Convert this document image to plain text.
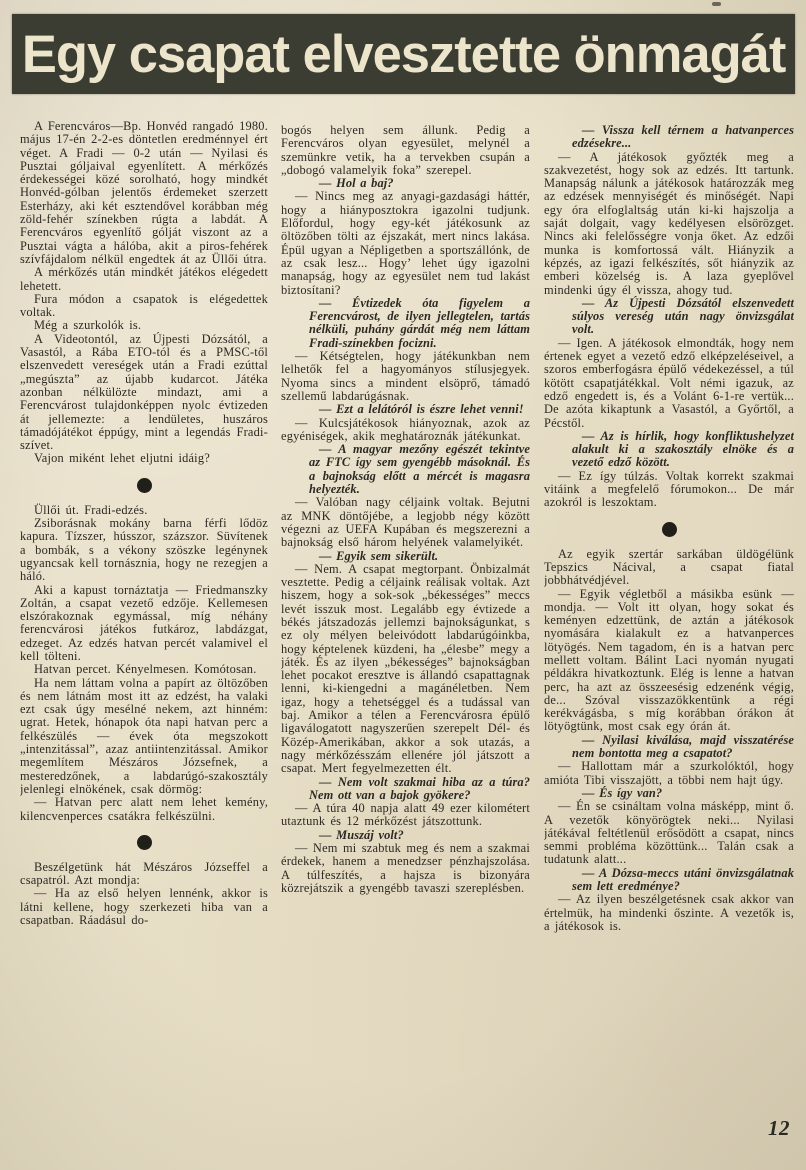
Egy csapat elvesztette önmagát

A Ferencváros—Bp. Honvéd rangadó 1980. május 17-én 2-2-es döntetlen eredménnyel ért véget. A Fradi — 0-2 után — Nyilasi és Pusztai góljaival egyenlített. A mérkőzés érdekességei közé sorolható, hogy mindkét Honvéd-gólban jelentős érdemeket szerzett Esterházy, aki két esztendővel korábban még zöld-fehér színekben rúgta a labdát. A Ferencváros egyenlítő gólját viszont az a Pusztai vágta a hálóba, akit a piros-fehérek szívfájdalom nélkül engedtek át az Üllői útra.

A mérkőzés után mindkét játékos elégedett lehetett.

Fura módon a csapatok is elégedettek voltak.

Még a szurkolók is.

A Videotontól, az Újpesti Dózsától, a Vasastól, a Rába ETO-tól és a PMSC-től elszenvedett vereségek után a Fradi ezúttal „megúszta” az újabb kudarcot. Játéka azonban nélkülözte mindazt, ami a Ferencvárost tulajdonképpen nyolc évtizeden át jellemezte: a lendületes, huszáros támadójátékot éppúgy, mint a legendás Fradi-szívet.

Vajon miként lehet eljutni idáig?

Üllői út. Fradi-edzés.

Zsiborásnak mokány barna férfi lődöz kapura. Tízszer, hússzor, százszor. Süvítenek a bombák, s a vékony szöszke legénynek ugyancsak kell tornásznia, hogy ne rezegjen a háló.

Aki a kapust tornáztatja — Friedmanszky Zoltán, a csapat vezető edzője. Kellemesen elszórakoznak egymással, míg néhány ferencvárosi játékos futkároz, labdázgat, edzeget. Az edzés hatvan percét valamivel el kell tölteni.

Hatvan percet. Kényelmesen. Komótosan.

Ha nem láttam volna a papírt az öltözőben és nem látnám most itt az edzést, ha valaki ezt csak úgy mesélné nekem, azt hinném: ugrat. Hetek, hónapok óta napi hatvan perc a felkészülés — évek óta megszokott „intenzitással”, azaz antiintenzitással. Amikor megemlítem Mészáros Józsefnek, a mesteredzőnek, a labdarúgó-szakosztály jelenlegi elnökének, csak dörmög:

— Hatvan perc alatt nem lehet kemény, kilencvenperces csatákra felkészülni.

Beszélgetünk hát Mészáros Józseffel a csapatról. Azt mondja:

— Ha az első helyen lennénk, akkor is látni kellene, hogy szerkezeti hiba van a csapatban. Ráadásul do-

bogós helyen sem állunk. Pedig a Ferencváros olyan egyesület, melynél a szemünkre vetik, ha a tervekben csupán a „dobogó valamelyik foka” szerepel.

— Hol a baj?

— Nincs meg az anyagi-gazdasági háttér, hogy a hiányposztokra igazolni tudjunk. Előfordul, hogy egy-két játékosunk az öltözőben tölti az éjszakát, mert nincs lakása. Épül ugyan a Népligetben a sportszállónk, de az csak lesz... Hogy’ lehet úgy igazolni manapság, hogy az egyesület nem tud lakást biztosítani?

— Évtizedek óta figyelem a Ferencvárost, de ilyen jellegtelen, tartás nélküli, puhány gárdát még nem láttam Fradi-színekben focizni.

— Kétségtelen, hogy játékunkban nem lelhetők fel a hagyományos stílusjegyek. Nyoma sincs a mindent elsöprő, támadó szellemű labdarúgásnak.

— Ezt a lelátóról is észre lehet venni!

— Kulcsjátékosok hiányoznak, azok az egyéniségek, akik meghatároznák játékunkat.

— A magyar mezőny egészét tekintve az FTC így sem gyengébb másoknál. És a bajnokság előtt a mércét is magasra helyezték.

— Valóban nagy céljaink voltak. Bejutni az MNK döntőjébe, a legjobb négy között végezni az UEFA Kupában és megszerezni a bajnokság első három helyének valamelyikét.

— Egyik sem sikerült.

— Nem. A csapat megtorpant. Önbizalmát vesztette. Pedig a céljaink reálisak voltak. Azt hiszem, hogy a sok-sok „békességes” meccs levét isszuk most. Legalább egy évtizede a békés játszadozás jellemzi bajnokságunkat, s ez oly mélyen beleivódott labdarúgóinkba, hogy képtelenek küzdeni, ha „élesbe” megy a játék. És az ilyen „békességes” bajnokságban lehet pocakot eresztve is állandó csapattagnak lenni, ki-kiengedni a magánéletben. Nem igaz, hogy a tehetséggel és a tudással van baj. Amikor a télen a Ferencvárosra épülő ligaválogatott nagyszerűen szerepelt Dél- és Közép-Amerikában, akkor a sok utazás, a nagy mérkőzésszám ellenére jól játszott a csapat. Mert fegyelmezetten élt.

— Nem volt szakmai hiba az a túra? Nem ott van a bajok gyökere?

— A túra 40 napja alatt 49 ezer kilométert utaztunk és 12 mérkőzést játszottunk.

— Muszáj volt?

— Nem mi szabtuk meg és nem a szakmai érdekek, hanem a menedzser pénzhajszolása. A túlfeszítés, a hajsza is bizonyára közrejátszik a gyengébb tavaszi szereplésben.

— Vissza kell térnem a hatvanperces edzésekre...

— A játékosok győzték meg a szakvezetést, hogy sok az edzés. Itt tartunk. Manapság nálunk a játékosok határozzák meg az edzések mennyiségét és minőségét. Napi egy óra elfoglaltság után ki-ki hajszolja a saját dolgait, vagy kedélyesen elsörözget. Nincs aki felelősségre vonja őket. Az edzői munka is komfortossá vált. Hiányzik a képzés, az igazi felkészítés, sőt hiányzik az emberi közelség is. A laza gyeplővel mindenki úgy él vissza, ahogy tud.

— Az Újpesti Dózsától elszenvedett súlyos vereség után nagy önvizsgálat volt.

— Igen. A játékosok elmondták, hogy nem értenek egyet a vezető edző elképzeléseivel, a szoros emberfogásra épülő védekezéssel, a túl kötött csapatjátékkal. Volt némi igazuk, az edző engedett is, és a Volánt 6-1-re vertük... De azóta kikaptunk a Vasastól, a Győrtől, a Pécstől.

— Az is hírlik, hogy konfliktushelyzet alakult ki a szakosztály elnöke és a vezető edző között.

— Ez így túlzás. Voltak korrekt szakmai vitáink a megfelelő fórumokon... De már azokról is leszoktam.

Az egyik szertár sarkában üldögélünk Tepszics Nácival, a csapat fiatal jobbhátvédjével.

— Egyik végletből a másikba esünk — mondja. — Volt itt olyan, hogy sokat és keményen edzettünk, de aztán a játékosok nyomására kialakult ez a hatvanperces lötyögés. Nem tagadom, én is a hatvan perc mellett voltam. Bálint Laci nyomán nyugati példákra hivatkoztunk. Elég is lenne a hatvan perc, ha azt az összeesésig edzenénk végig, de... Szóval visszazökkentünk a régi kerékvágásba, s míg korábban órákon át lötyögtünk, most csak egy órán át.

— Nyilasi kiválása, majd visszatérése nem bontotta meg a csapatot?

— Hallottam már a szurkolóktól, hogy amióta Tibi visszajött, a többi nem hajt úgy.

— És így van?

— Én se csináltam volna másképp, mint ő. A vezetők könyörögtek neki... Nyilasi játékával feltétlenül erősödött a csapat, nincs semmi probléma közöttünk... Talán csak a tudatunk alatt...

— A Dózsa-meccs utáni önvizsgálatnak sem lett eredménye?

— Az ilyen beszélgetésnek csak akkor van értelmük, ha mindenki őszinte. A vezetők is, a játékosok is.

12
